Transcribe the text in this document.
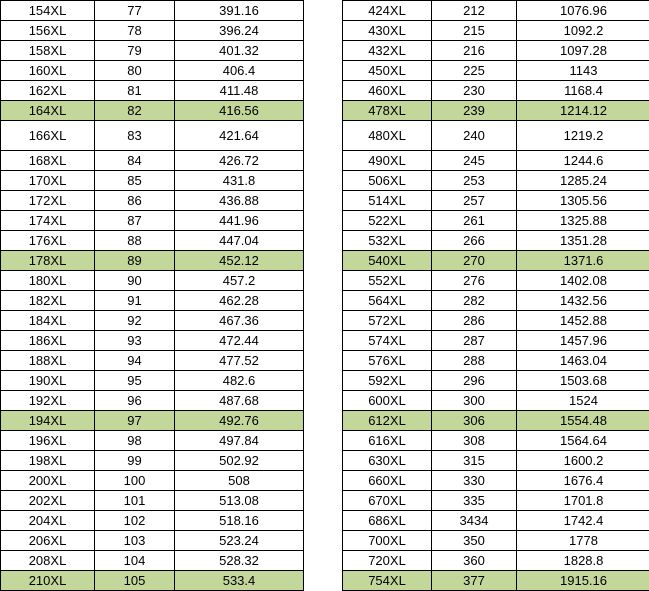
154XL	77	391.16
156XL	78	396.24
158XL	79	401.32
160XL	80	406.4
162XL	81	411.48
164XL	82	416.56
166XL	83	421.64
168XL	84	426.72
170XL	85	431.8
172XL	86	436.88
174XL	87	441.96
176XL	88	447.04
178XL	89	452.12
180XL	90	457.2
182XL	91	462.28
184XL	92	467.36
186XL	93	472.44
188XL	94	477.52
190XL	95	482.6
192XL	96	487.68
194XL	97	492.76
196XL	98	497.84
198XL	99	502.92
200XL	100	508
202XL	101	513.08
204XL	102	518.16
206XL	103	523.24
208XL	104	528.32
210XL	105	533.4
424XL	212	1076.96
430XL	215	1092.2
432XL	216	1097.28
450XL	225	1143
460XL	230	1168.4
478XL	239	1214.12
480XL	240	1219.2
490XL	245	1244.6
506XL	253	1285.24
514XL	257	1305.56
522XL	261	1325.88
532XL	266	1351.28
540XL	270	1371.6
552XL	276	1402.08
564XL	282	1432.56
572XL	286	1452.88
574XL	287	1457.96
576XL	288	1463.04
592XL	296	1503.68
600XL	300	1524
612XL	306	1554.48
616XL	308	1564.64
630XL	315	1600.2
660XL	330	1676.4
670XL	335	1701.8
686XL	3434	1742.4
700XL	350	1778
720XL	360	1828.8
754XL	377	1915.16
